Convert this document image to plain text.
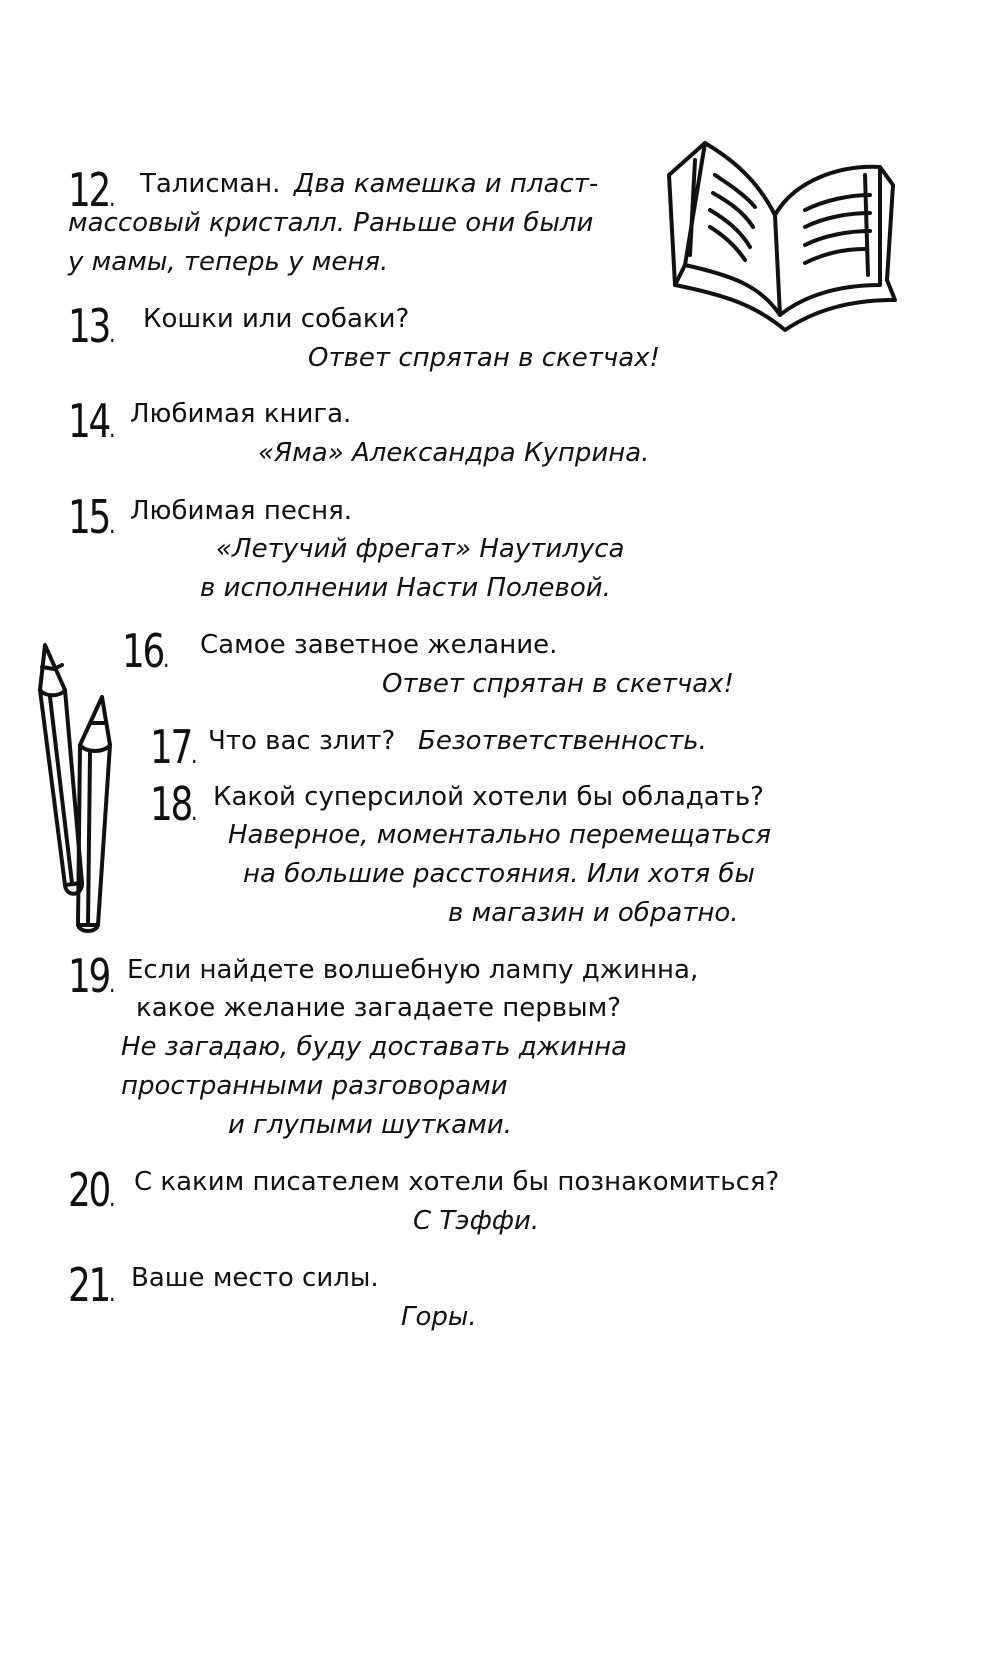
12 . Талисман. Два камешка и пласт-
массовый кристалл. Раньше они были
у мамы, теперь у меня.
13 . Кошки или собаки?
Ответ спрятан в скетчах!
14 . Любимая книга.
«Яма» Александра Куприна.
15 . Любимая песня.
«Летучий фрегат» Наутилуса
в исполнении Насти Полевой.
16 . Самое заветное желание.
Ответ спрятан в скетчах!
17 . Что вас злит? Безответственность.
18 . Какой суперсилой хотели бы обладать?
Наверное, моментально перемещаться
на большие расстояния. Или хотя бы
в магазин и обратно.
19 . Если найдете волшебную лампу джинна,
какое желание загадаете первым?
Не загадаю, буду доставать джинна
пространными разговорами
и глупыми шутками.
20 . С каким писателем хотели бы познакомиться?
С Тэффи.
21 . Ваше место силы.
Горы.
